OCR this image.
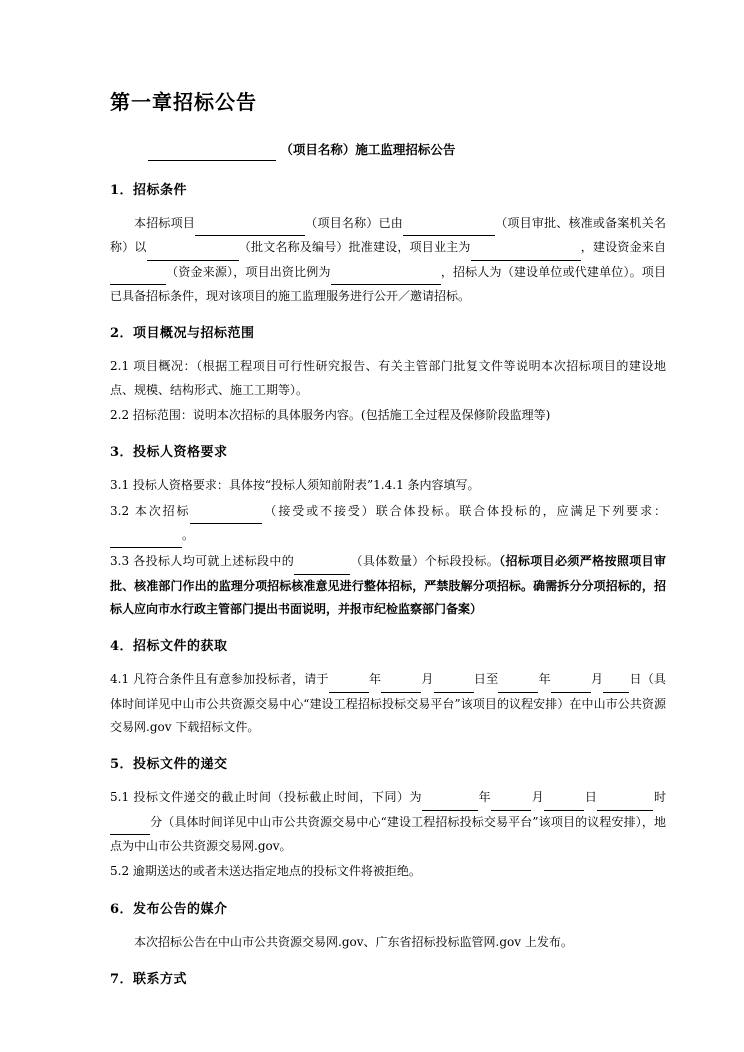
第一章招标公告
（项目名称）施工监理招标公告
1．招标条件

本招标项目	（项目名称）已由	（项目审批、核准或备案机关名称）以	（批文名称及编号）批准建设，项目业主为	，建设资金来自 （资金来源），项目出资比例为	，招标人为（建设单位或代建单位）。项目已具备招标条件，现对该项目的施工监理服务进行公开／邀请招标。

2．项目概况与招标范围

2.1 项目概况：（根据工程项目可行性研究报告、有关主管部门批复文件等说明本次招标项目的建设地点、规模、结构形式、施工工期等）。

2.2 招标范围：说明本次招标的具体服务内容。(包括施工全过程及保修阶段监理等)

3．投标人资格要求

3.1 投标人资格要求：具体按“投标人须知前附表”1.4.1 条内容填写。

3.2 本次招标	（接受或不接受）联合体投标。联合体投标的，应满足下列要求： 。

3.3 各投标人均可就上述标段中的	（具体数量）个标段投标。（招标项目必须严格按照项目审批、核准部门作出的监理分项招标核准意见进行整体招标，严禁肢解分项招标。确需拆分分项招标的，招标人应向市水行政主管部门提出书面说明，并报市纪检监察部门备案）

4．招标文件的获取

4.1 凡符合条件且有意参加投标者，请于	年	月	日至	年	月 日（具体时间详见中山市公共资源交易中心“建设工程招标投标交易平台”该项目的议程安排）在中山市公共资源交易网.gov 下载招标文件。

5．投标文件的递交

5.1 投标文件递交的截止时间（投标截止时间，下同）为	年	月	日	时 分（具体时间详见中山市公共资源交易中心“建设工程招标投标交易平台”该项目的议程安排），地点为中山市公共资源交易网.gov。

5.2 逾期送达的或者未送达指定地点的投标文件将被拒绝。

6．发布公告的媒介

本次招标公告在中山市公共资源交易网.gov、广东省招标投标监管网.gov 上发布。

7．联系方式
